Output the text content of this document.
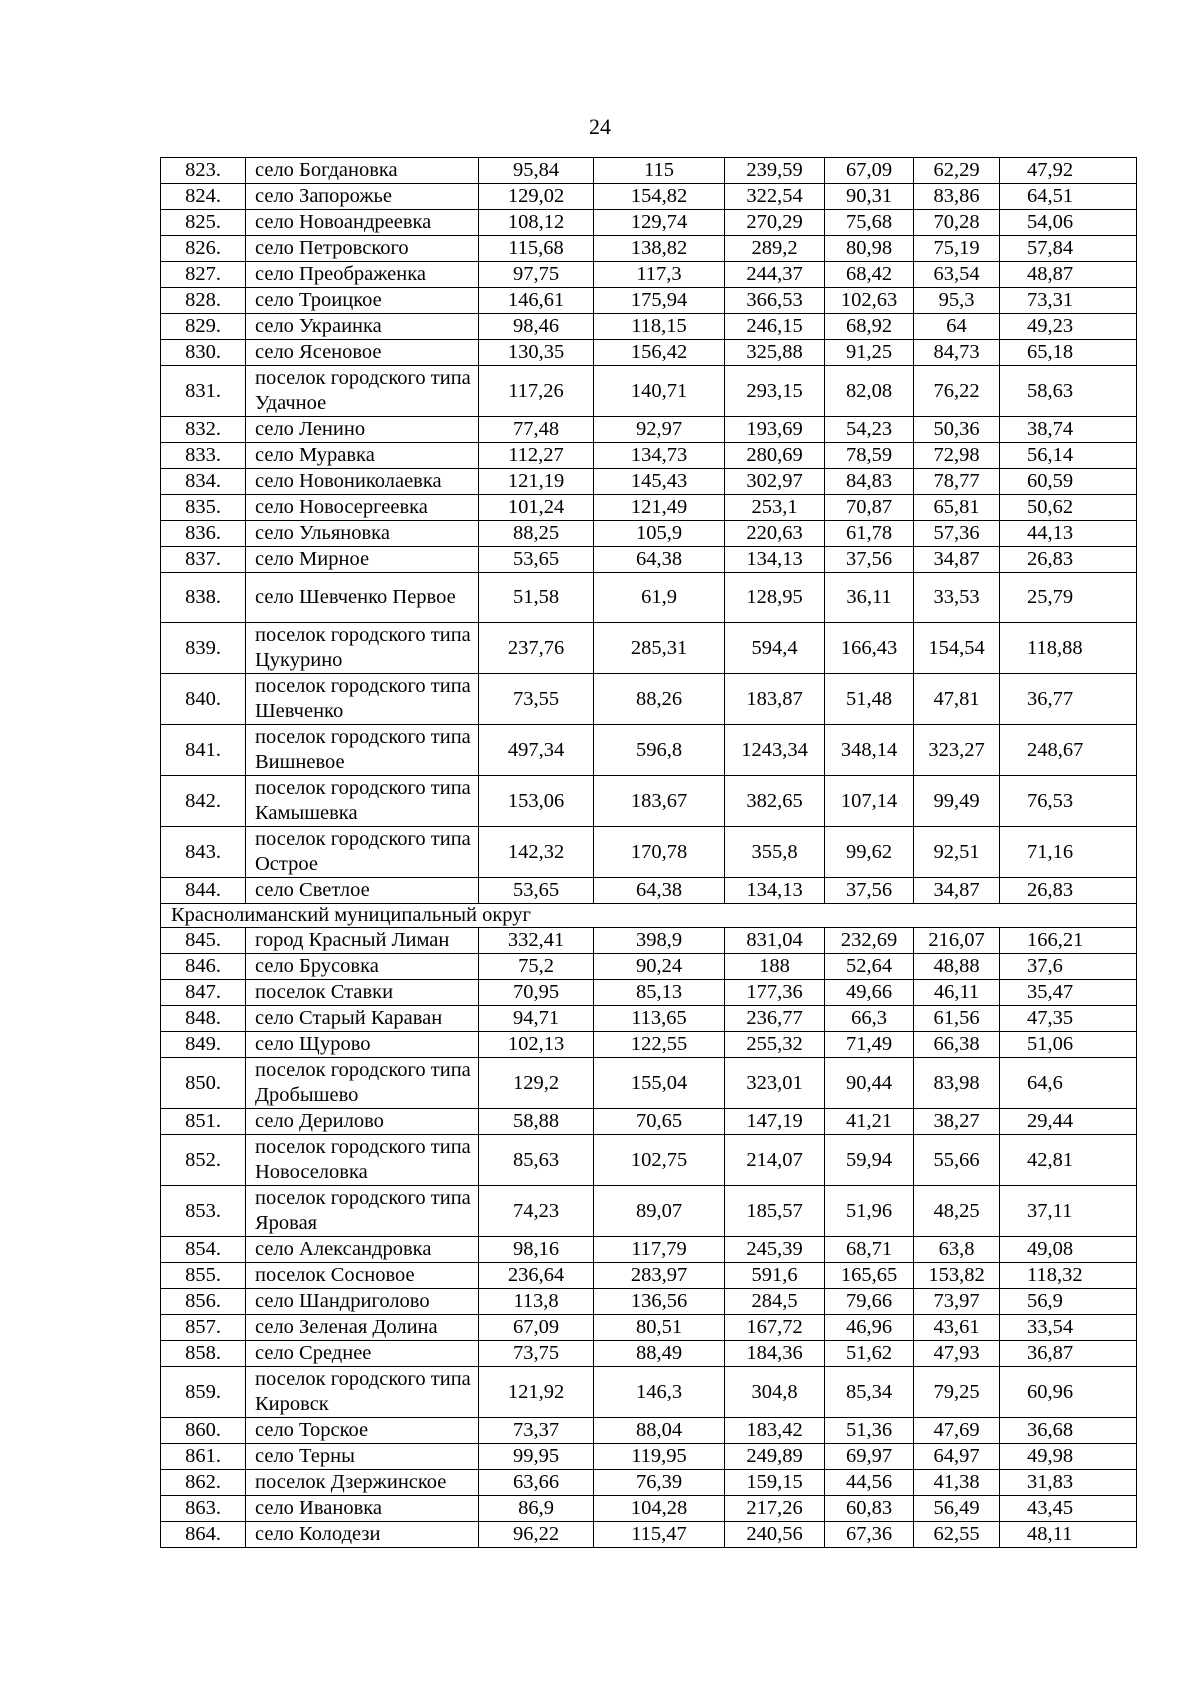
24
823.	село Богдановка	95,84	115	239,59	67,09	62,29	47,92
824.	село Запорожье	129,02	154,82	322,54	90,31	83,86	64,51
825.	село Новоандреевка	108,12	129,74	270,29	75,68	70,28	54,06
826.	село Петровского	115,68	138,82	289,2	80,98	75,19	57,84
827.	село Преображенка	97,75	117,3	244,37	68,42	63,54	48,87
828.	село Троицкое	146,61	175,94	366,53	102,63	95,3	73,31
829.	село Украинка	98,46	118,15	246,15	68,92	64	49,23
830.	село Ясеновое	130,35	156,42	325,88	91,25	84,73	65,18
831.	поселок городского типа Удачное	117,26	140,71	293,15	82,08	76,22	58,63
832.	село Ленино	77,48	92,97	193,69	54,23	50,36	38,74
833.	село Муравка	112,27	134,73	280,69	78,59	72,98	56,14
834.	село Новониколаевка	121,19	145,43	302,97	84,83	78,77	60,59
835.	село Новосергеевка	101,24	121,49	253,1	70,87	65,81	50,62
836.	село Ульяновка	88,25	105,9	220,63	61,78	57,36	44,13
837.	село Мирное	53,65	64,38	134,13	37,56	34,87	26,83
838.	село Шевченко Первое	51,58	61,9	128,95	36,11	33,53	25,79
839.	поселок городского типа Цукурино	237,76	285,31	594,4	166,43	154,54	118,88
840.	поселок городского типа Шевченко	73,55	88,26	183,87	51,48	47,81	36,77
841.	поселок городского типа Вишневое	497,34	596,8	1243,34	348,14	323,27	248,67
842.	поселок городского типа Камышевка	153,06	183,67	382,65	107,14	99,49	76,53
843.	поселок городского типа Острое	142,32	170,78	355,8	99,62	92,51	71,16
844.	село Светлое	53,65	64,38	134,13	37,56	34,87	26,83
Краснолиманский муниципальный округ							
845.	город Красный Лиман	332,41	398,9	831,04	232,69	216,07	166,21
846.	село Брусовка	75,2	90,24	188	52,64	48,88	37,6
847.	поселок Ставки	70,95	85,13	177,36	49,66	46,11	35,47
848.	село Старый Караван	94,71	113,65	236,77	66,3	61,56	47,35
849.	село Щурово	102,13	122,55	255,32	71,49	66,38	51,06
850.	поселок городского типа Дробышево	129,2	155,04	323,01	90,44	83,98	64,6
851.	село Дерилово	58,88	70,65	147,19	41,21	38,27	29,44
852.	поселок городского типа Новоселовка	85,63	102,75	214,07	59,94	55,66	42,81
853.	поселок городского типа Яровая	74,23	89,07	185,57	51,96	48,25	37,11
854.	село Александровка	98,16	117,79	245,39	68,71	63,8	49,08
855.	поселок Сосновое	236,64	283,97	591,6	165,65	153,82	118,32
856.	село Шандриголово	113,8	136,56	284,5	79,66	73,97	56,9
857.	село Зеленая Долина	67,09	80,51	167,72	46,96	43,61	33,54
858.	село Среднее	73,75	88,49	184,36	51,62	47,93	36,87
859.	поселок городского типа Кировск	121,92	146,3	304,8	85,34	79,25	60,96
860.	село Торское	73,37	88,04	183,42	51,36	47,69	36,68
861.	село Терны	99,95	119,95	249,89	69,97	64,97	49,98
862.	поселок Дзержинское	63,66	76,39	159,15	44,56	41,38	31,83
863.	село Ивановка	86,9	104,28	217,26	60,83	56,49	43,45
864.	село Колодези	96,22	115,47	240,56	67,36	62,55	48,11
